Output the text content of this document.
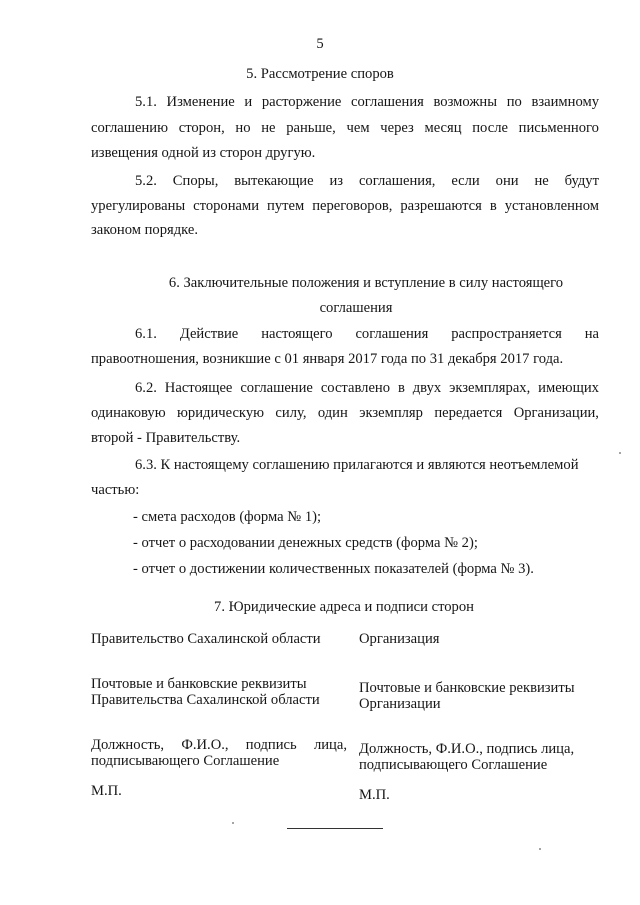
5
5. Рассмотрение споров
5.1. Изменение и расторжение соглашения возможны по взаимному
соглашению сторон, но не раньше, чем через месяц после письменного
извещения одной из сторон другую.
5.2. Споры, вытекающие из соглашения, если они не будут
урегулированы сторонами путем переговоров, разрешаются в установленном
законом порядке.
6. Заключительные положения и вступление в силу настоящего
соглашения
6.1. Действие настоящего соглашения распространяется на
правоотношения, возникшие с 01 января 2017 года по 31 декабря 2017 года.
6.2. Настоящее соглашение составлено в двух экземплярах, имеющих
одинаковую юридическую силу, один экземпляр передается Организации,
второй - Правительству.
6.3. К настоящему соглашению прилагаются и являются неотъемлемой
частью:
- смета расходов (форма № 1);
- отчет о расходовании денежных средств (форма № 2);
- отчет о достижении количественных показателей (форма № 3).
7. Юридические адреса и подписи сторон
Правительство Сахалинской области
Почтовые и банковские реквизиты
Правительства Сахалинской области
Должность, Ф.И.О., подпись лица,
подписывающего Соглашение
М.П.
Организация
Почтовые и банковские реквизиты
Организации
Должность, Ф.И.О., подпись лица,
подписывающего Соглашение
М.П.
